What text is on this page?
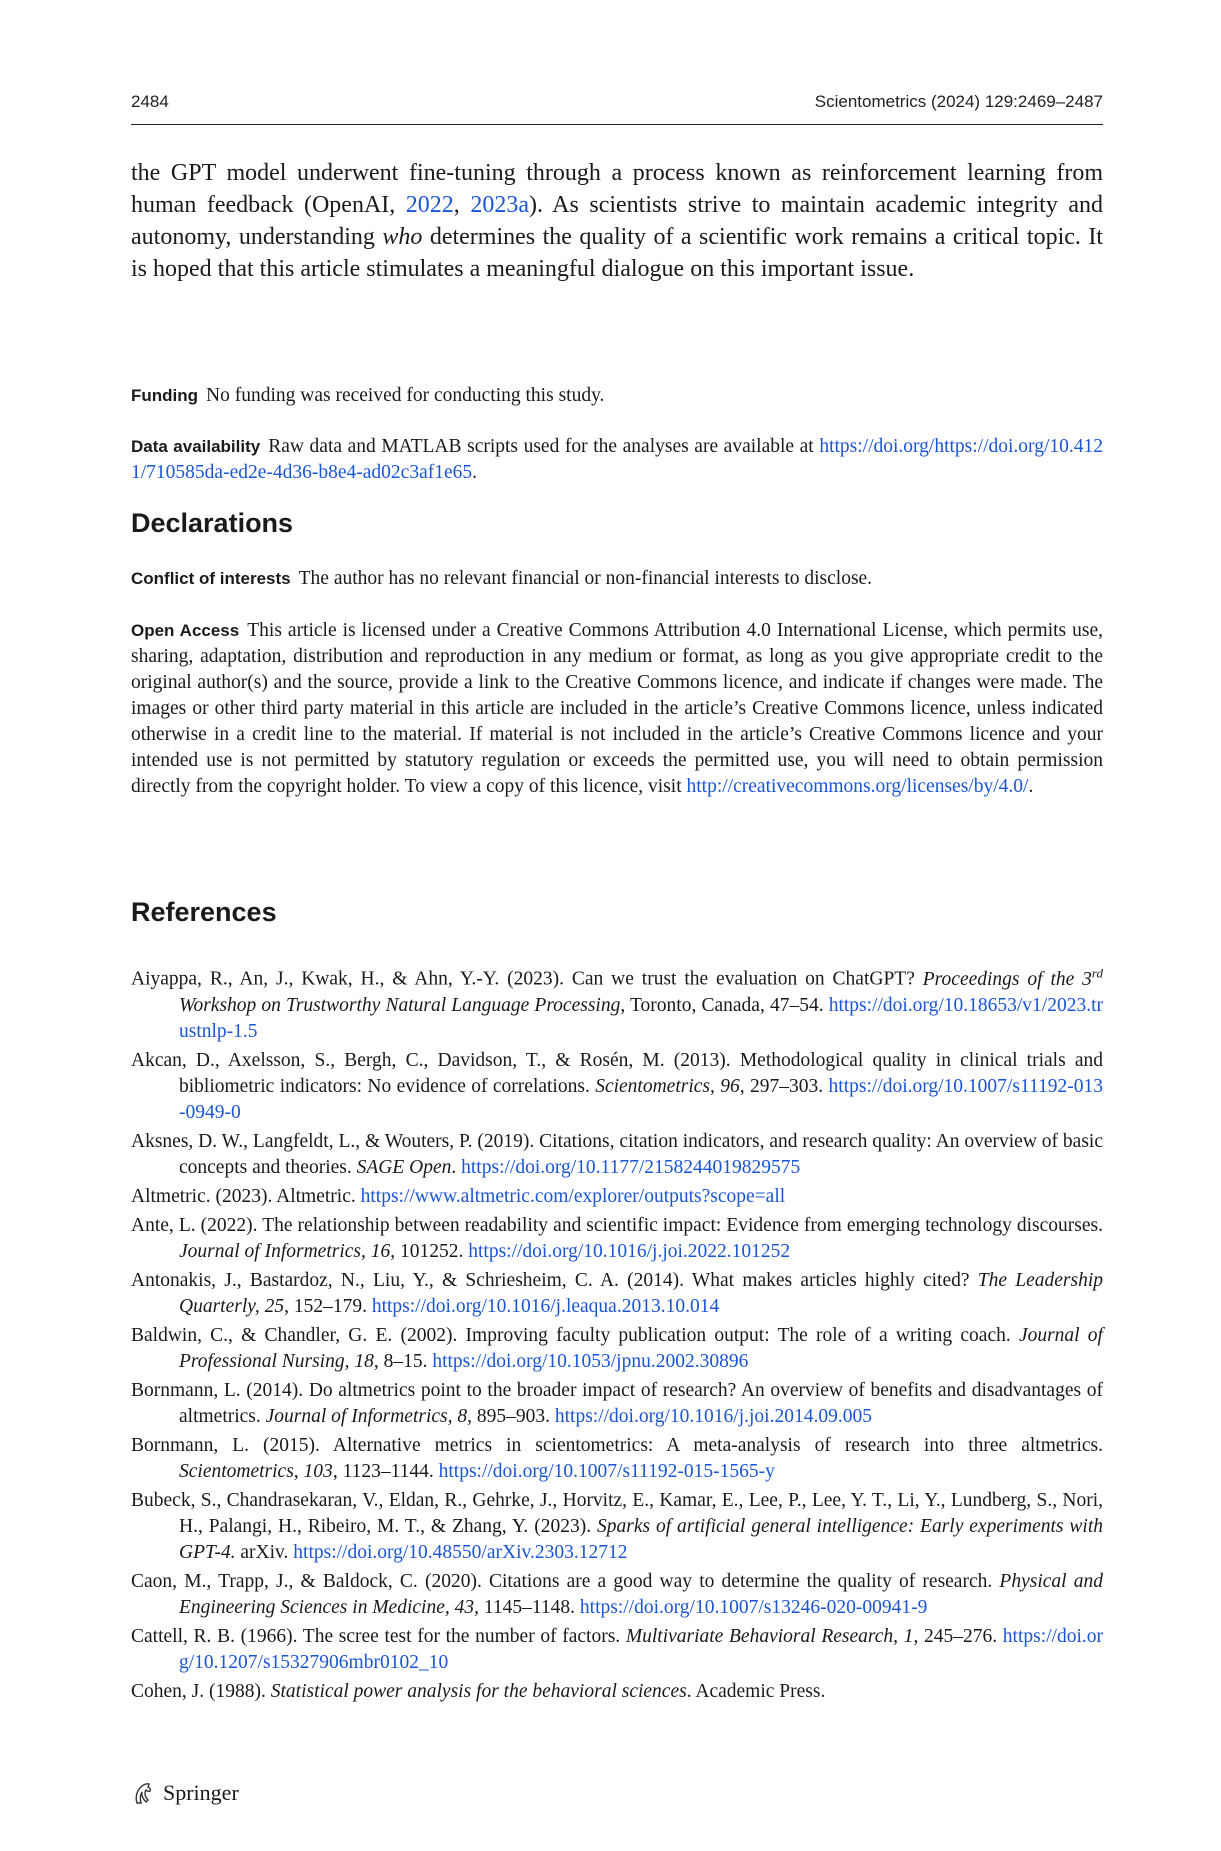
2484	Scientometrics (2024) 129:2469–2487
the GPT model underwent fine-tuning through a process known as reinforcement learning from human feedback (OpenAI, 2022, 2023a). As scientists strive to maintain academic integrity and autonomy, understanding who determines the quality of a scientific work remains a critical topic. It is hoped that this article stimulates a meaningful dialogue on this important issue.
Funding No funding was received for conducting this study.
Data availability Raw data and MATLAB scripts used for the analyses are available at https://doi.org/https://doi.org/10.4121/710585da-ed2e-4d36-b8e4-ad02c3af1e65.
Declarations
Conflict of interests The author has no relevant financial or non-financial interests to disclose.
Open Access This article is licensed under a Creative Commons Attribution 4.0 International License, which permits use, sharing, adaptation, distribution and reproduction in any medium or format, as long as you give appropriate credit to the original author(s) and the source, provide a link to the Creative Commons licence, and indicate if changes were made. The images or other third party material in this article are included in the article’s Creative Commons licence, unless indicated otherwise in a credit line to the material. If material is not included in the article’s Creative Commons licence and your intended use is not permitted by statutory regulation or exceeds the permitted use, you will need to obtain permission directly from the copyright holder. To view a copy of this licence, visit http://creativecommons.org/licenses/by/4.0/.
References
Aiyappa, R., An, J., Kwak, H., & Ahn, Y.-Y. (2023). Can we trust the evaluation on ChatGPT? Proceedings of the 3rd Workshop on Trustworthy Natural Language Processing, Toronto, Canada, 47–54. https://doi.org/10.18653/v1/2023.trustnlp-1.5
Akcan, D., Axelsson, S., Bergh, C., Davidson, T., & Rosén, M. (2013). Methodological quality in clinical trials and bibliometric indicators: No evidence of correlations. Scientometrics, 96, 297–303. https://doi.org/10.1007/s11192-013-0949-0
Aksnes, D. W., Langfeldt, L., & Wouters, P. (2019). Citations, citation indicators, and research quality: An overview of basic concepts and theories. SAGE Open. https://doi.org/10.1177/2158244019829575
Altmetric. (2023). Altmetric. https://www.altmetric.com/explorer/outputs?scope=all
Ante, L. (2022). The relationship between readability and scientific impact: Evidence from emerging technology discourses. Journal of Informetrics, 16, 101252. https://doi.org/10.1016/j.joi.2022.101252
Antonakis, J., Bastardoz, N., Liu, Y., & Schriesheim, C. A. (2014). What makes articles highly cited? The Leadership Quarterly, 25, 152–179. https://doi.org/10.1016/j.leaqua.2013.10.014
Baldwin, C., & Chandler, G. E. (2002). Improving faculty publication output: The role of a writing coach. Journal of Professional Nursing, 18, 8–15. https://doi.org/10.1053/jpnu.2002.30896
Bornmann, L. (2014). Do altmetrics point to the broader impact of research? An overview of benefits and disadvantages of altmetrics. Journal of Informetrics, 8, 895–903. https://doi.org/10.1016/j.joi.2014.09.005
Bornmann, L. (2015). Alternative metrics in scientometrics: A meta-analysis of research into three altmetrics. Scientometrics, 103, 1123–1144. https://doi.org/10.1007/s11192-015-1565-y
Bubeck, S., Chandrasekaran, V., Eldan, R., Gehrke, J., Horvitz, E., Kamar, E., Lee, P., Lee, Y. T., Li, Y., Lundberg, S., Nori, H., Palangi, H., Ribeiro, M. T., & Zhang, Y. (2023). Sparks of artificial general intelligence: Early experiments with GPT-4. arXiv. https://doi.org/10.48550/arXiv.2303.12712
Caon, M., Trapp, J., & Baldock, C. (2020). Citations are a good way to determine the quality of research. Physical and Engineering Sciences in Medicine, 43, 1145–1148. https://doi.org/10.1007/s13246-020-00941-9
Cattell, R. B. (1966). The scree test for the number of factors. Multivariate Behavioral Research, 1, 245–276. https://doi.org/10.1207/s15327906mbr0102_10
Cohen, J. (1988). Statistical power analysis for the behavioral sciences. Academic Press.
Springer
